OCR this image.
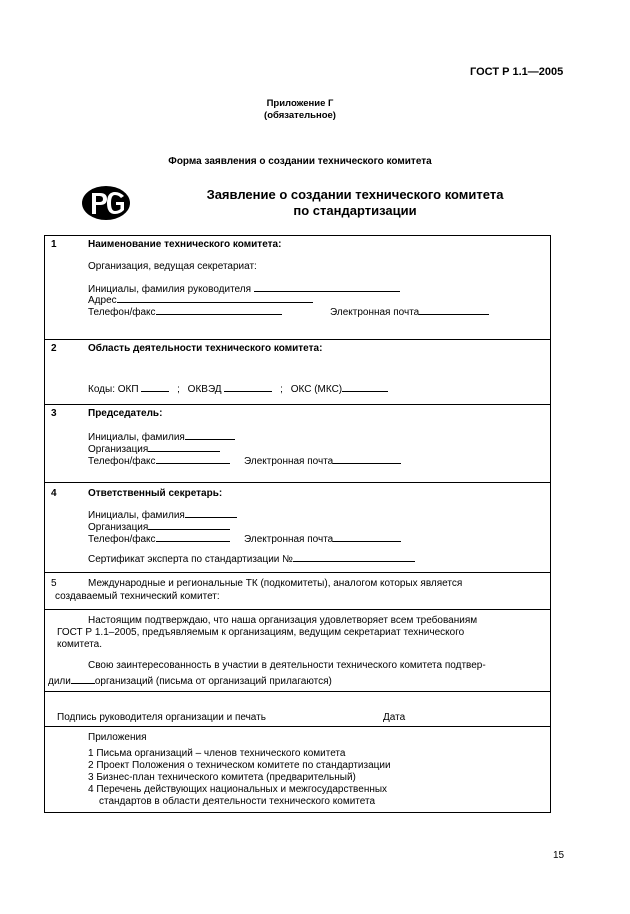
ГОСТ Р 1.1—2005
Приложение Г
(обязательное)
Форма заявления о создании технического комитета
Заявление о создании технического комитета
по стандартизации
1	Наименование технического комитета:
Организация, ведущая секретариат:
Инициалы, фамилия руководителя
Адрес
Телефон/факс	Электронная почта
2	Область деятельности технического комитета:
Коды: ОКП	; ОКВЭД	; ОКС (МКС)
3	Председатель:
Инициалы, фамилия
Организация
Телефон/факс	Электронная почта
4	Ответственный секретарь:
Инициалы, фамилия
Организация
Телефон/факс	Электронная почта
Сертификат эксперта по стандартизации №
5	Международные и региональные ТК (подкомитеты), аналогом которых является
создаваемый технический комитет:
Настоящим подтверждаю, что наша организация удовлетворяет всем требованиям
ГОСТ Р 1.1–2005, предъявляемым к организациям, ведущим секретариат технического
комитета.
Свою заинтересованность в участии в деятельности технического комитета подтвер-
дили организаций (письма от организаций прилагаются)
Подпись руководителя организации и печать	Дата
Приложения
1 Письма организаций – членов технического комитета
2 Проект Положения о техническом комитете по стандартизации
3 Бизнес-план технического комитета (предварительный)
4 Перечень действующих национальных и межгосударственных
стандартов в области деятельности технического комитета
15
